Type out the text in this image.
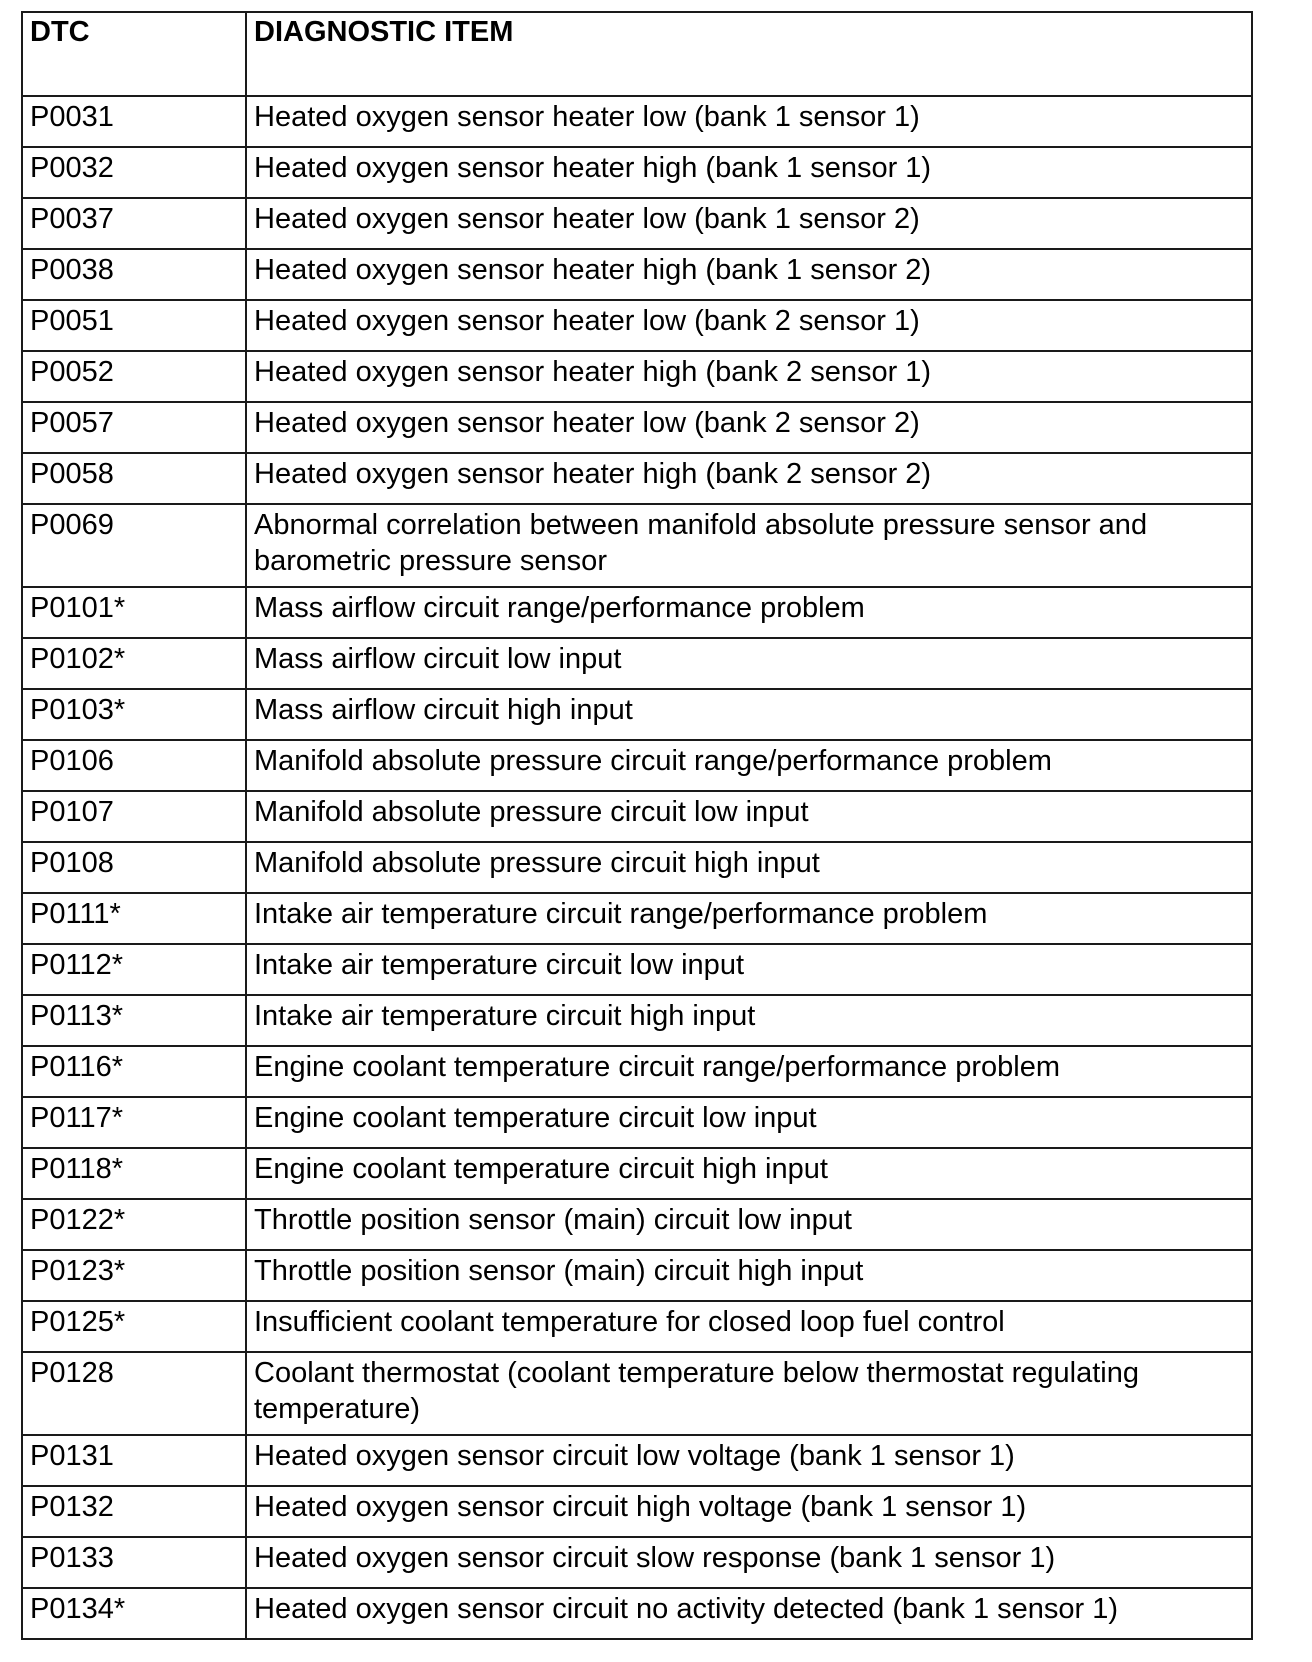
DTC	DIAGNOSTIC ITEM
P0031	Heated oxygen sensor heater low (bank 1 sensor 1)
P0032	Heated oxygen sensor heater high (bank 1 sensor 1)
P0037	Heated oxygen sensor heater low (bank 1 sensor 2)
P0038	Heated oxygen sensor heater high (bank 1 sensor 2)
P0051	Heated oxygen sensor heater low (bank 2 sensor 1)
P0052	Heated oxygen sensor heater high (bank 2 sensor 1)
P0057	Heated oxygen sensor heater low (bank 2 sensor 2)
P0058	Heated oxygen sensor heater high (bank 2 sensor 2)
P0069	Abnormal correlation between manifold absolute pressure sensor and barometric pressure sensor
P0101*	Mass airflow circuit range/performance problem
P0102*	Mass airflow circuit low input
P0103*	Mass airflow circuit high input
P0106	Manifold absolute pressure circuit range/performance problem
P0107	Manifold absolute pressure circuit low input
P0108	Manifold absolute pressure circuit high input
P0111*	Intake air temperature circuit range/performance problem
P0112*	Intake air temperature circuit low input
P0113*	Intake air temperature circuit high input
P0116*	Engine coolant temperature circuit range/performance problem
P0117*	Engine coolant temperature circuit low input
P0118*	Engine coolant temperature circuit high input
P0122*	Throttle position sensor (main) circuit low input
P0123*	Throttle position sensor (main) circuit high input
P0125*	Insufficient coolant temperature for closed loop fuel control
P0128	Coolant thermostat (coolant temperature below thermostat regulating temperature)
P0131	Heated oxygen sensor circuit low voltage (bank 1 sensor 1)
P0132	Heated oxygen sensor circuit high voltage (bank 1 sensor 1)
P0133	Heated oxygen sensor circuit slow response (bank 1 sensor 1)
P0134*	Heated oxygen sensor circuit no activity detected (bank 1 sensor 1)
